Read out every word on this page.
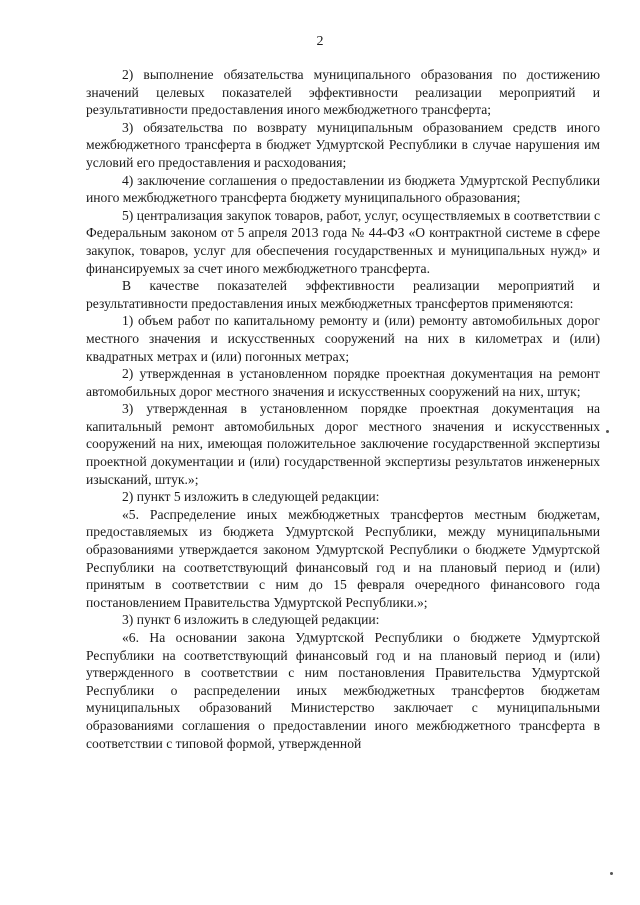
2

2) выполнение обязательства муниципального образования по достижению значений целевых показателей эффективности реализации мероприятий и результативности предоставления иного межбюджетного трансферта;

3) обязательства по возврату муниципальным образованием средств иного межбюджетного трансферта в бюджет Удмуртской Республики в случае нарушения им условий его предоставления и расходования;

4) заключение соглашения о предоставлении из бюджета Удмуртской Республики иного межбюджетного трансферта бюджету муниципального образования;

5) централизация закупок товаров, работ, услуг, осуществляемых в соответствии с Федеральным законом от 5 апреля 2013 года № 44-ФЗ «О контрактной системе в сфере закупок, товаров, услуг для обеспечения государственных и муниципальных нужд» и финансируемых за счет иного межбюджетного трансферта.

В качестве показателей эффективности реализации мероприятий и результативности предоставления иных межбюджетных трансфертов применяются:

1) объем работ по капитальному ремонту и (или) ремонту автомобильных дорог местного значения и искусственных сооружений на них в километрах и (или) квадратных метрах и (или) погонных метрах;

2) утвержденная в установленном порядке проектная документация на ремонт автомобильных дорог местного значения и искусственных сооружений на них, штук;

3) утвержденная в установленном порядке проектная документация на капитальный ремонт автомобильных дорог местного значения и искусственных сооружений на них, имеющая положительное заключение государственной экспертизы проектной документации и (или) государственной экспертизы результатов инженерных изысканий, штук.»;

2) пункт 5 изложить в следующей редакции:

«5. Распределение иных межбюджетных трансфертов местным бюджетам, предоставляемых из бюджета Удмуртской Республики, между муниципальными образованиями утверждается законом Удмуртской Республики о бюджете Удмуртской Республики на соответствующий финансовый год и на плановый период и (или) принятым в соответствии с ним до 15 февраля очередного финансового года постановлением Правительства Удмуртской Республики.»;

3) пункт 6 изложить в следующей редакции:

«6. На основании закона Удмуртской Республики о бюджете Удмуртской Республики на соответствующий финансовый год и на плановый период и (или) утвержденного в соответствии с ним постановления Правительства Удмуртской Республики о распределении иных межбюджетных трансфертов бюджетам муниципальных образований Министерство заключает с муниципальными образованиями соглашения о предоставлении иного межбюджетного трансферта в соответствии с типовой формой, утвержденной
